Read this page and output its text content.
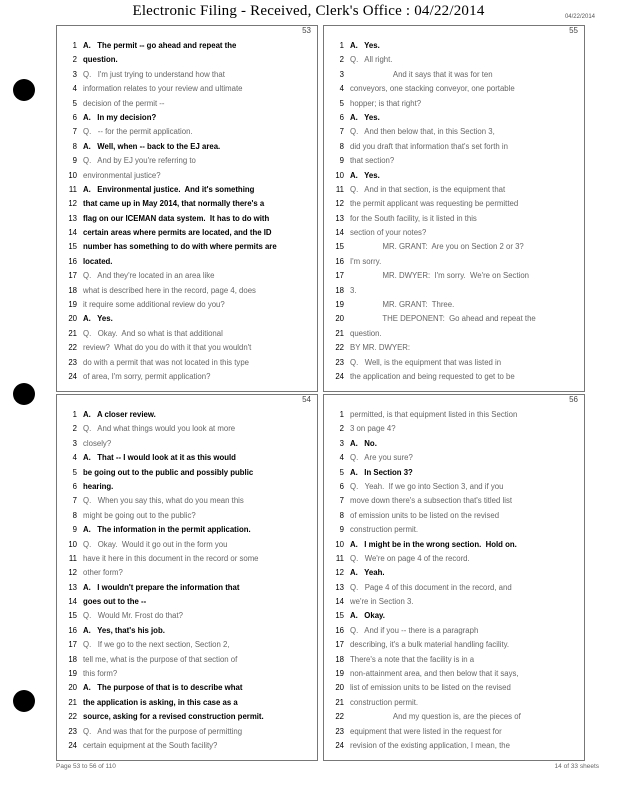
Electronic Filing - Received, Clerk's Office : 04/22/2014	04/22/2014
53
1 A.   The permit -- go ahead and repeat the
2 question.
3 Q.   I'm just trying to understand how that
4 information relates to your review and ultimate
5 decision of the permit --
6 A.   In my decision?
7 Q.   -- for the permit application.
8 A.   Well, when -- back to the EJ area.
9 Q.   And by EJ you're referring to
10 environmental justice?
11 A.   Environmental justice.  And it's something
12 that came up in May 2014, that normally there's a
13 flag on our ICEMAN data system.  It has to do with
14 certain areas where permits are located, and the ID
15 number has something to do with where permits are
16 located.
17 Q.   And they're located in an area like
18 what is described here in the record, page 4, does
19 it require some additional review do you?
20 A.   Yes.
21 Q.   Okay.  And so what is that additional
22 review?  What do you do with it that you wouldn't
23 do with a permit that was not located in this type
24 of area, I'm sorry, permit application?
55
1 A.   Yes.
2 Q.   All right.
3 And it says that it was for ten
4 conveyors, one stacking conveyor, one portable
5 hopper; is that right?
6 A.   Yes.
7 Q.   And then below that, in this Section 3,
8 did you draft that information that's set forth in
9 that section?
10 A.   Yes.
11 Q.   And in that section, is the equipment that
12 the permit applicant was requesting be permitted
13 for the South facility, is it listed in this
14 section of your notes?
15 MR. GRANT:  Are you on Section 2 or 3?
16 I'm sorry.
17 MR. DWYER:  I'm sorry.  We're on Section
18 3.
19 MR. GRANT:  Three.
20 THE DEPONENT:  Go ahead and repeat the
21 question.
22 BY MR. DWYER:
23 Q.   Well, is the equipment that was listed in
24 the application and being requested to get to be
54
1 A.   A closer review.
2 Q.   And what things would you look at more
3 closely?
4 A.   That -- I would look at it as this would
5 be going out to the public and possibly public
6 hearing.
7 Q.   When you say this, what do you mean this
8 might be going out to the public?
9 A.   The information in the permit application.
10 Q.   Okay.  Would it go out in the form you
11 have it here in this document in the record or some
12 other form?
13 A.   I wouldn't prepare the information that
14 goes out to the --
15 Q.   Would Mr. Frost do that?
16 A.   Yes, that's his job.
17 Q.   If we go to the next section, Section 2,
18 tell me, what is the purpose of that section of
19 this form?
20 A.   The purpose of that is to describe what
21 the application is asking, in this case as a
22 source, asking for a revised construction permit.
23 Q.   And was that for the purpose of permitting
24 certain equipment at the South facility?
56
1 permitted, is that equipment listed in this Section
2 3 on page 4?
3 A.   No.
4 Q.   Are you sure?
5 A.   In Section 3?
6 Q.   Yeah.  If we go into Section 3, and if you
7 move down there's a subsection that's titled list
8 of emission units to be listed on the revised
9 construction permit.
10 A.   I might be in the wrong section.  Hold on.
11 Q.   We're on page 4 of the record.
12 A.   Yeah.
13 Q.   Page 4 of this document in the record, and
14 we're in Section 3.
15 A.   Okay.
16 Q.   And if you -- there is a paragraph
17 describing, it's a bulk material handling facility.
18 There's a note that the facility is in a
19 non-attainment area, and then below that it says,
20 list of emission units to be listed on the revised
21 construction permit.
22 And my question is, are the pieces of
23 equipment that were listed in the request for
24 revision of the existing application, I mean, the
Page 53 to 56 of 110	14 of 33 sheets
